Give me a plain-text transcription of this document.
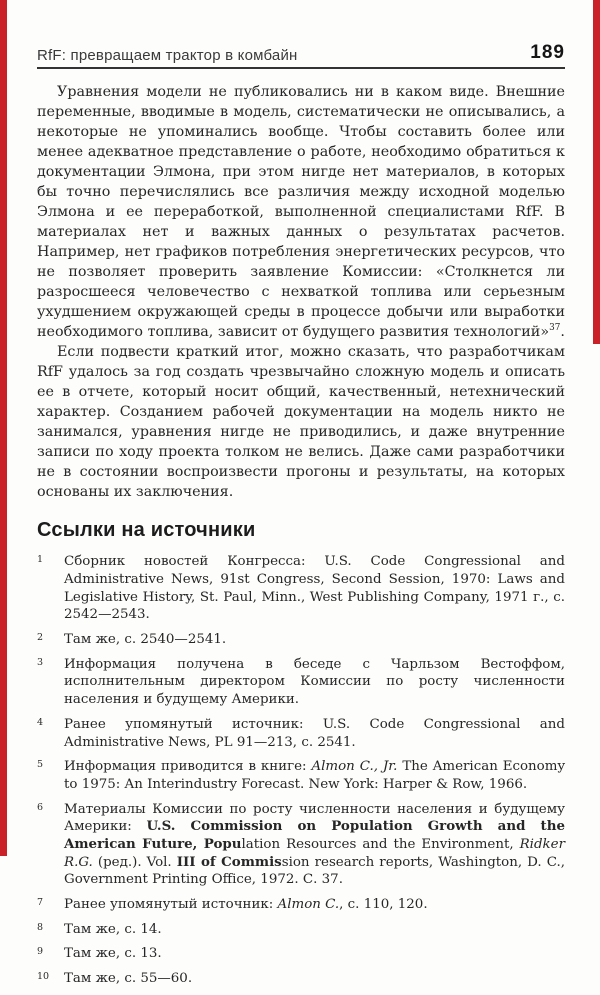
RfF: превращаем трактор в комбайн	189

Уравнения модели не публиковались ни в каком виде. Внешние переменные, вводимые в модель, систематически не описывались, а некоторые не упоминались вообще. Чтобы составить более или менее адекватное представление о работе, необходимо обратиться к документации Элмона, при этом нигде нет материалов, в которых бы точно перечислялись все различия между исходной моделью Элмона и ее переработкой, выполненной специалистами RfF. В материалах нет и важных данных о результатах расчетов. Например, нет графиков потребления энергетических ресурсов, что не позволяет проверить заявление Комиссии: «Столкнется ли разросшееся человечество с нехваткой топлива или серьезным ухудшением окружающей среды в процессе добычи или выработки необходимого топлива, зависит от будущего развития технологий»$^{37}$.

Если подвести краткий итог, можно сказать, что разработчикам RfF удалось за год создать чрезвычайно сложную модель и описать ее в отчете, который носит общий, качественный, нетехнический характер. Созданием рабочей документации на модель никто не занимался, уравнения нигде не приводились, и даже внутренние записи по ходу проекта толком не велись. Даже сами разработчики не в состоянии воспроизвести прогоны и результаты, на которых основаны их заключения.

Ссылки на источники
1	Сборник новостей Конгресса: U.S. Code Congressional and Administrative News, 91st Congress, Second Session, 1970: Laws and Legislative History, St. Paul, Minn., West Publishing Company, 1971 г., с. 2542—2543.
2	Там же, с. 2540—2541.
3	Информация получена в беседе с Чарльзом Вестоффом, исполнительным директором Комиссии по росту численности населения и будущему Америки.
4	Ранее упомянутый источник: U.S. Code Congressional and Administrative News, PL 91—213, с. 2541.
5	Информация приводится в книге: Almon C., Jr. The American Economy to 1975: An Interindustry Forecast. New York: Harper & Row, 1966.
6	Материалы Комиссии по росту численности населения и будущему Америки: U.S. Commission on Population Growth and the American Future, Population Resources and the Environment, Ridker R.G. (ред.). Vol. III of Commission research reports, Washington, D. C., Government Printing Office, 1972. С. 37.
7	Ранее упомянутый источник: Almon C., с. 110, 120.
8	Там же, с. 14.
9	Там же, с. 13.
10	Там же, с. 55—60.
